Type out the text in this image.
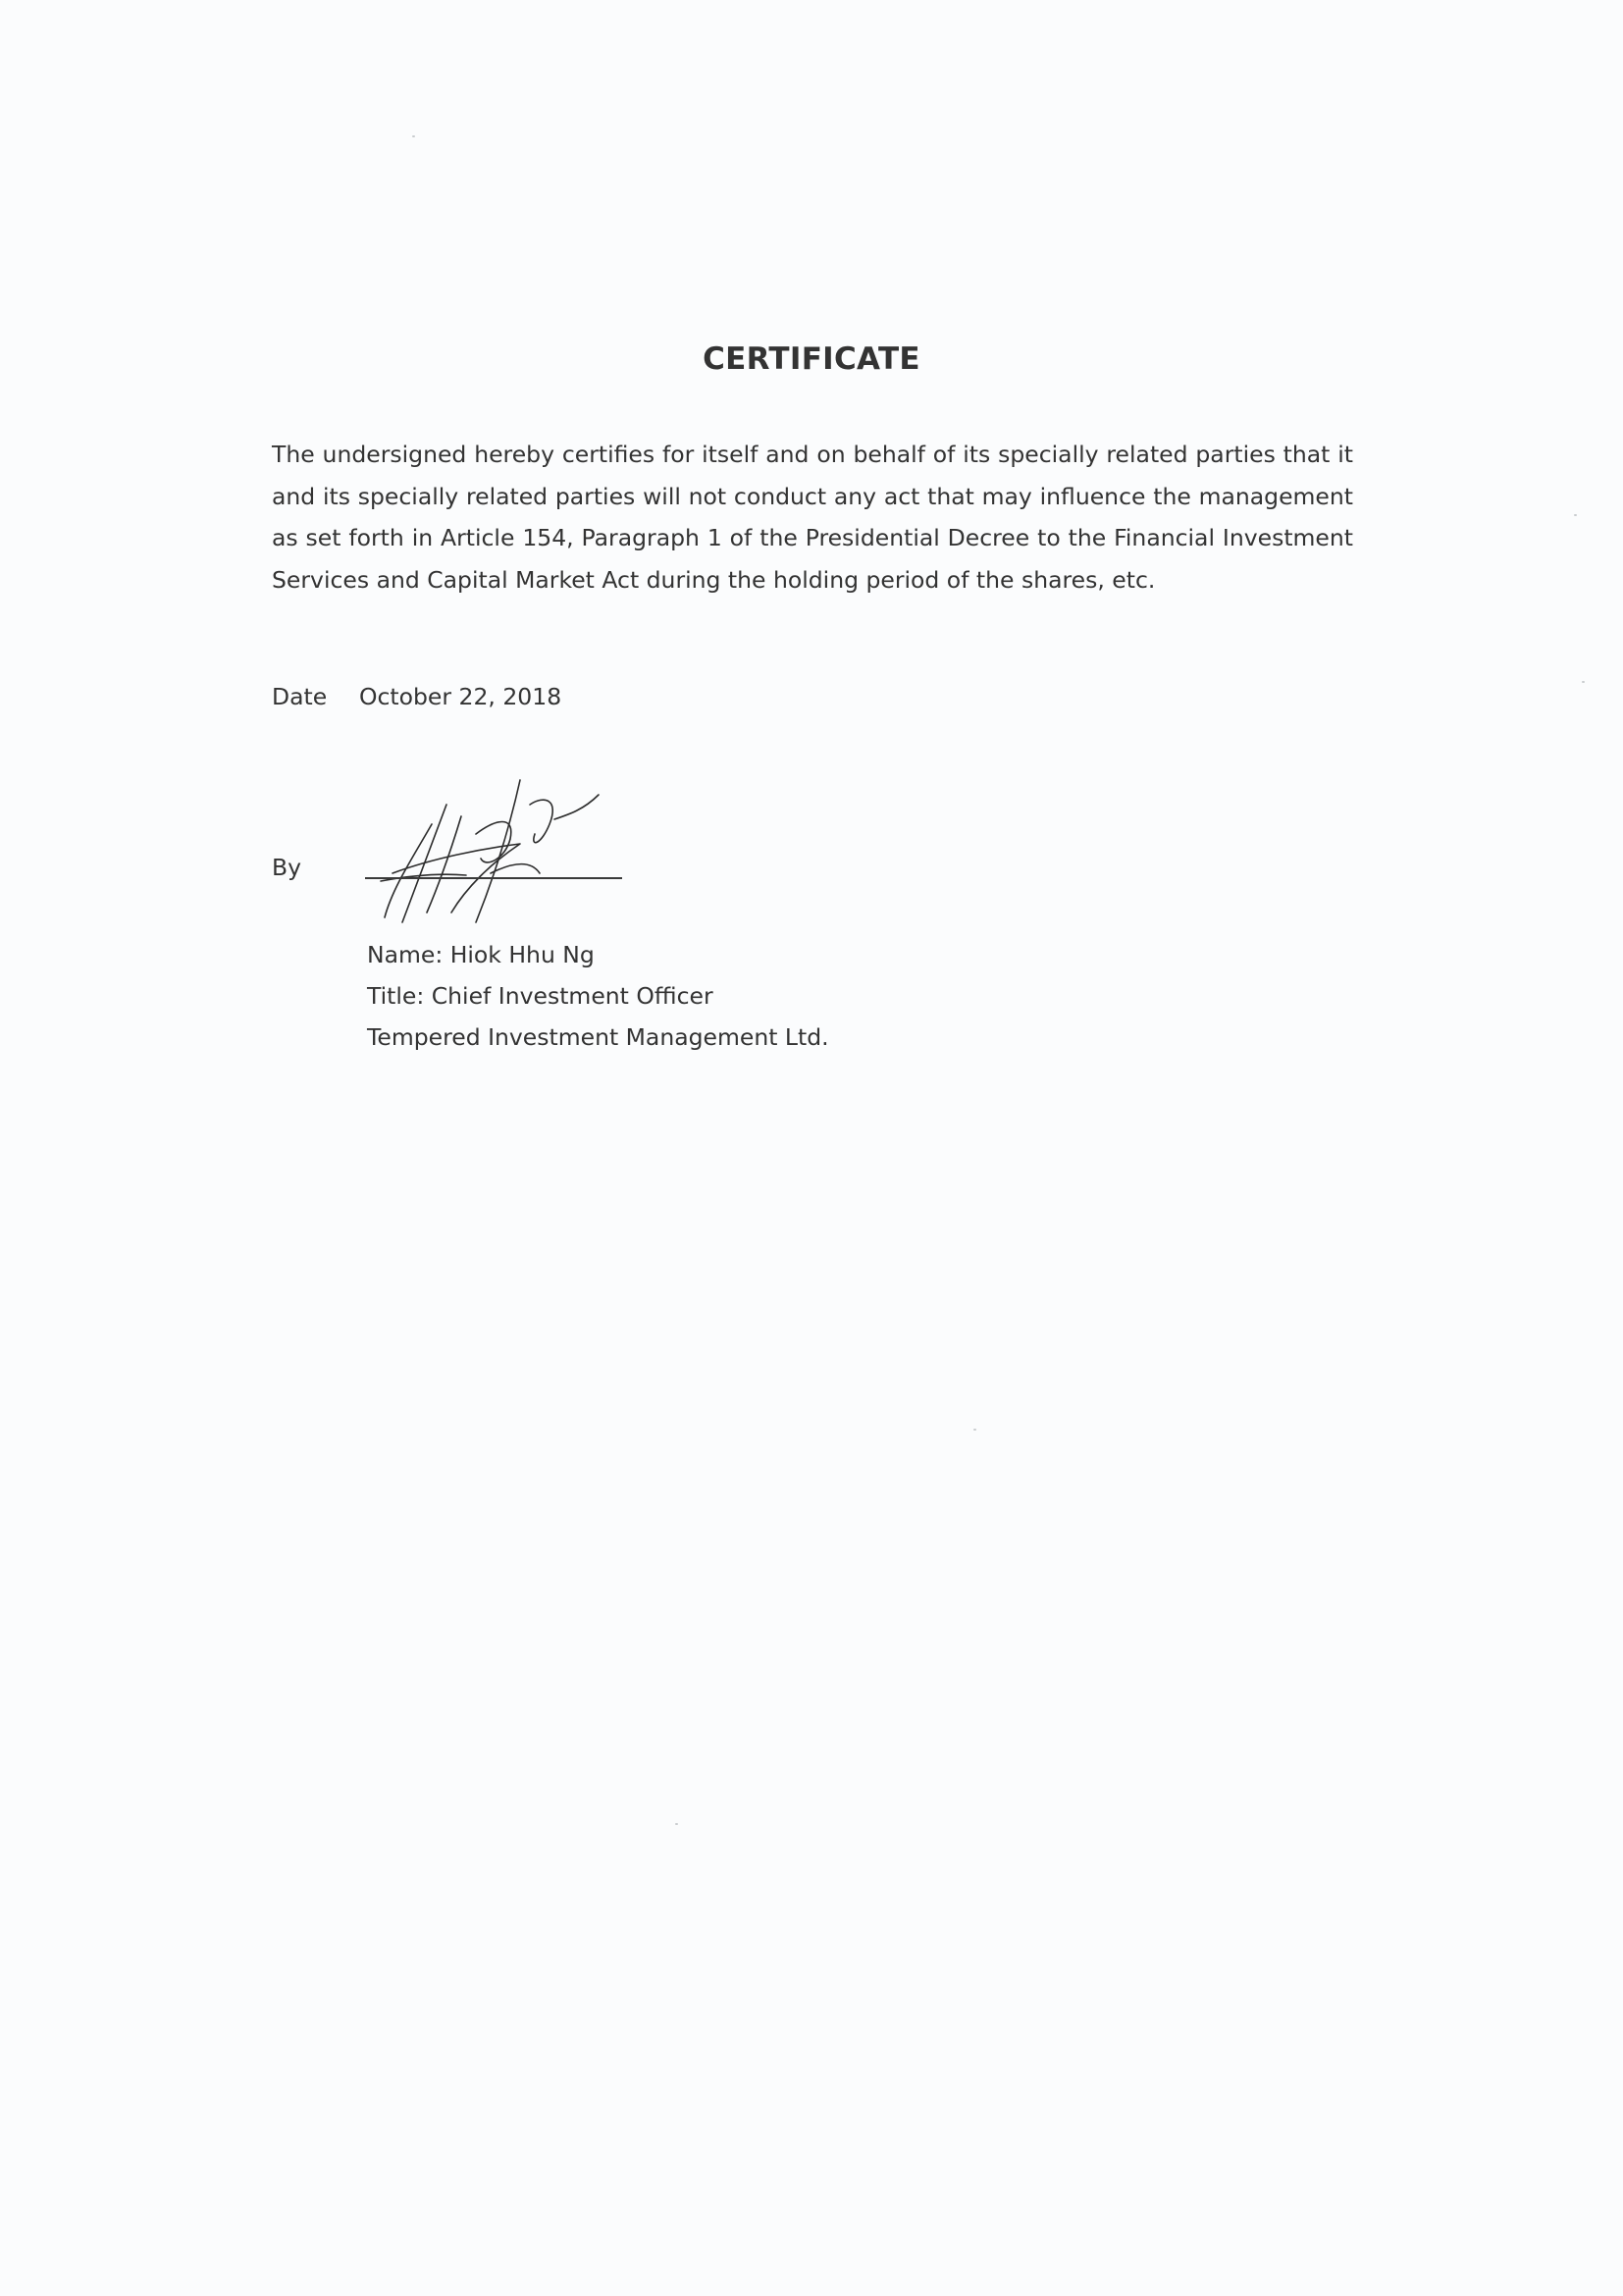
CERTIFICATE
The undersigned hereby certifies for itself and on behalf of its specially related parties that it and its specially related parties will not conduct any act that may influence the management as set forth in Article 154, Paragraph 1 of the Presidential Decree to the Financial Investment Services and Capital Market Act during the holding period of the shares, etc.
Date October 22, 2018
By
Name: Hiok Hhu Ng
Title: Chief Investment Officer
Tempered Investment Management Ltd.
